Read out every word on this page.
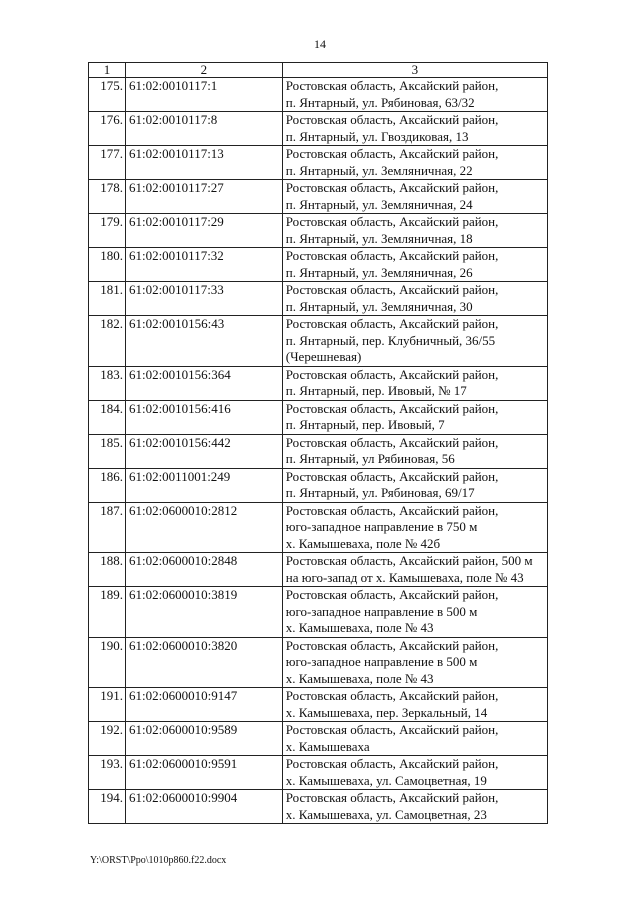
14
1	2	3
175.	61:02:0010117:1	Ростовская область, Аксайский район,
п. Янтарный, ул. Рябиновая, 63/32

176.	61:02:0010117:8	Ростовская область, Аксайский район,
п. Янтарный, ул. Гвоздиковая, 13

177.	61:02:0010117:13	Ростовская область, Аксайский район,
п. Янтарный, ул. Земляничная, 22

178.	61:02:0010117:27	Ростовская область, Аксайский район,
п. Янтарный, ул. Земляничная, 24

179.	61:02:0010117:29	Ростовская область, Аксайский район,
п. Янтарный, ул. Земляничная, 18

180.	61:02:0010117:32	Ростовская область, Аксайский район,
п. Янтарный, ул. Земляничная, 26

181.	61:02:0010117:33	Ростовская область, Аксайский район,
п. Янтарный, ул. Земляничная, 30

182.	61:02:0010156:43	Ростовская область, Аксайский район,
п. Янтарный, пер. Клубничный, 36/55
(Черешневая)

183.	61:02:0010156:364	Ростовская область, Аксайский район,
п. Янтарный, пер. Ивовый, № 17

184.	61:02:0010156:416	Ростовская область, Аксайский район,
п. Янтарный, пер. Ивовый, 7

185.	61:02:0010156:442	Ростовская область, Аксайский район,
п. Янтарный, ул Рябиновая, 56

186.	61:02:0011001:249	Ростовская область, Аксайский район,
п. Янтарный, ул. Рябиновая, 69/17

187.	61:02:0600010:2812	Ростовская область, Аксайский район,
юго-западное направление в 750 м
х. Камышеваха, поле № 42б

188.	61:02:0600010:2848	Ростовская область, Аксайский район, 500 м
на юго-запад от х. Камышеваха, поле № 43

189.	61:02:0600010:3819	Ростовская область, Аксайский район,
юго-западное направление в 500 м
х. Камышеваха, поле № 43

190.	61:02:0600010:3820	Ростовская область, Аксайский район,
юго-западное направление в 500 м
х. Камышеваха, поле № 43

191.	61:02:0600010:9147	Ростовская область, Аксайский район,
х. Камышеваха, пер. Зеркальный, 14

192.	61:02:0600010:9589	Ростовская область, Аксайский район,
х. Камышеваха

193.	61:02:0600010:9591	Ростовская область, Аксайский район,
х. Камышеваха, ул. Самоцветная, 19

194.	61:02:0600010:9904	Ростовская область, Аксайский район,
х. Камышеваха, ул. Самоцветная, 23
Y:\ORST\Ppo\1010p860.f22.docx
